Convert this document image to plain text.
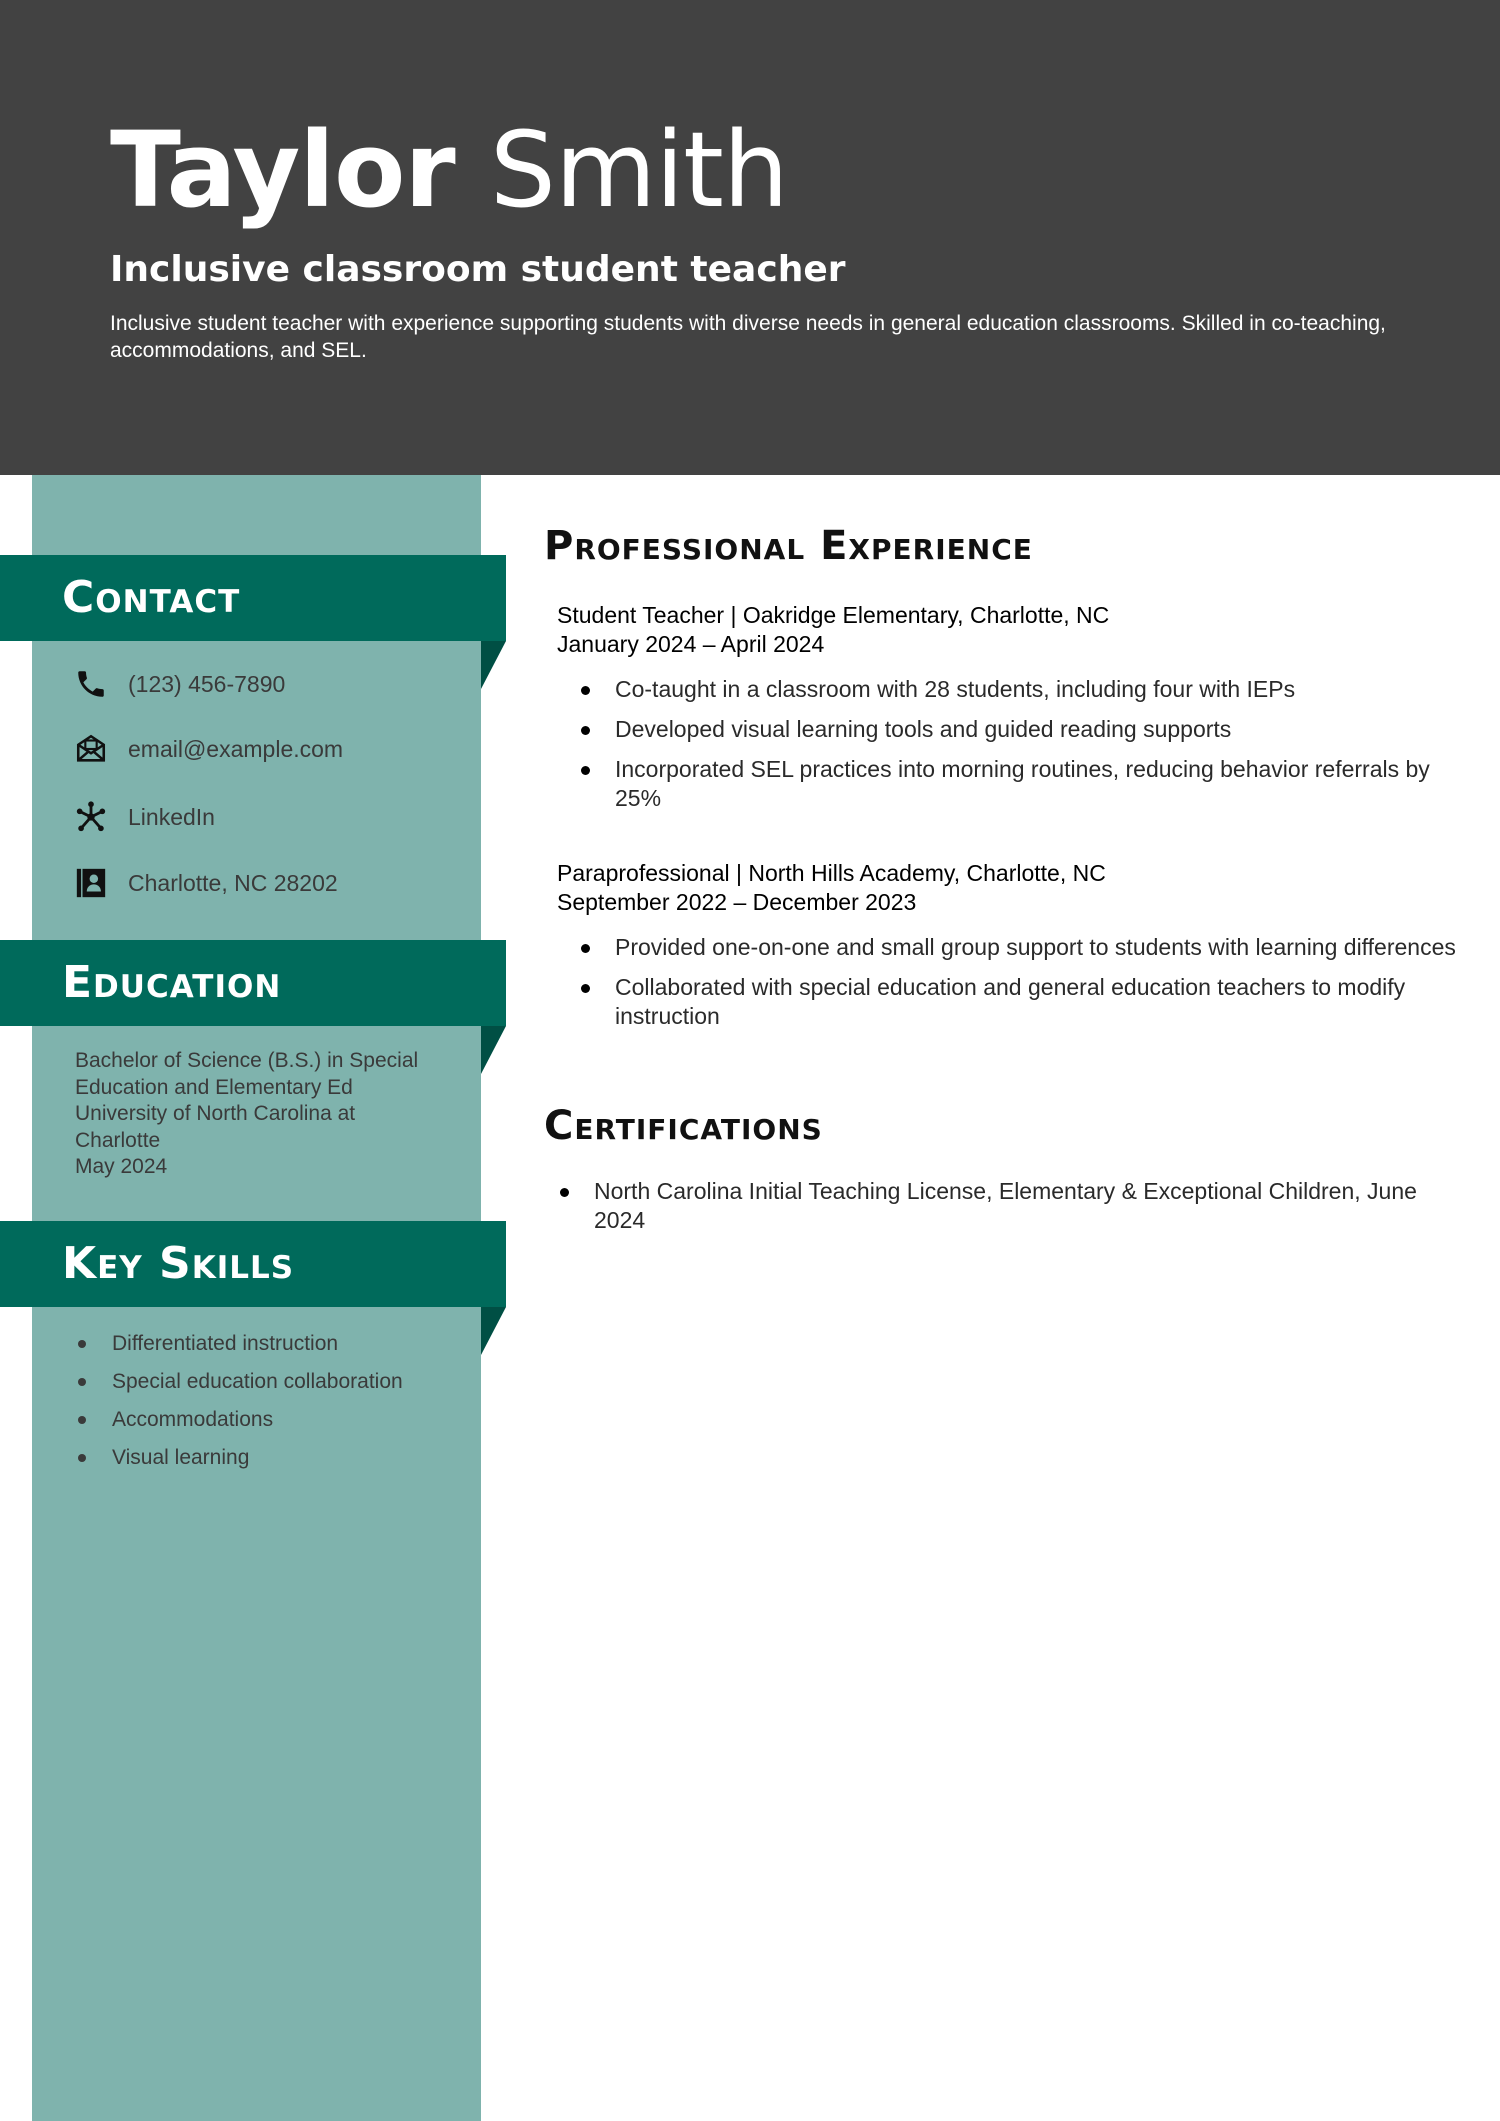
Taylor Smith
Inclusive classroom student teacher

Inclusive student teacher with experience supporting students with diverse needs in general education classrooms. Skilled in co-teaching, accommodations, and SEL.

Contact
(123) 456-7890
email@example.com
LinkedIn
Charlotte, NC 28202
Education
Bachelor of Science (B.S.) in Special
Education and Elementary Ed
University of North Carolina at
Charlotte
May 2024
Key Skills
Differentiated instruction
Special education collaboration
Accommodations
Visual learning
Professional Experience
Student Teacher | Oakridge Elementary, Charlotte, NC
January 2024 – April 2024
Co-taught in a classroom with 28 students, including four with IEPs
Developed visual learning tools and guided reading supports
Incorporated SEL practices into morning routines, reducing behavior referrals by 25%
Paraprofessional | North Hills Academy, Charlotte, NC
September 2022 – December 2023
Provided one-on-one and small group support to students with learning differences
Collaborated with special education and general education teachers to modify instruction
Certifications
North Carolina Initial Teaching License, Elementary & Exceptional Children, June 2024
